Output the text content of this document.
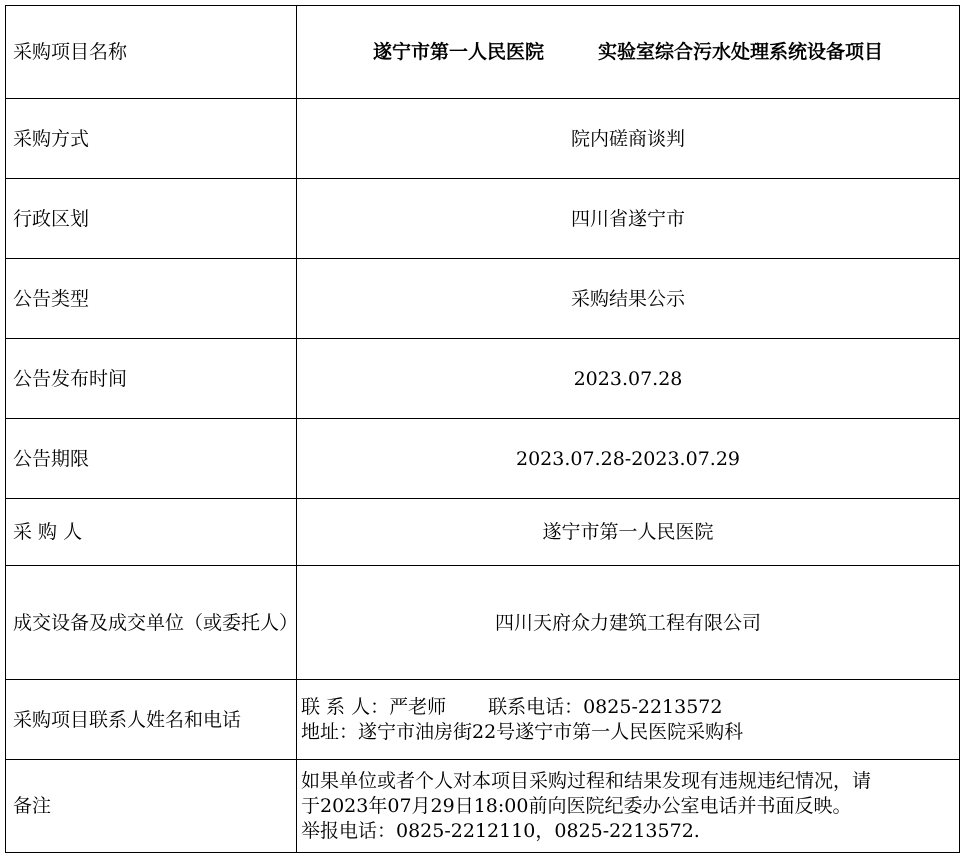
采购项目名称	遂宁市第一人民医院 实验室综合污水处理系统设备项目
采购方式	院内磋商谈判
行政区划	四川省遂宁市
公告类型	采购结果公示
公告发布时间	2023.07.28
公告期限	2023.07.28-2023.07.29
采 购 人	遂宁市第一人民医院
成交设备及成交单位（或委托人）	四川天府众力建筑工程有限公司
采购项目联系人姓名和电话	联 系 人：严老师 联系电话：0825-2213572
地址：遂宁市油房街22号遂宁市第一人民医院采购科

备注	如果单位或者个人对本项目采购过程和结果发现有违规违纪情况，请
于2023年07月29日18:00前向医院纪委办公室电话并书面反映。
举报电话：0825-2212110，0825-2213572.
